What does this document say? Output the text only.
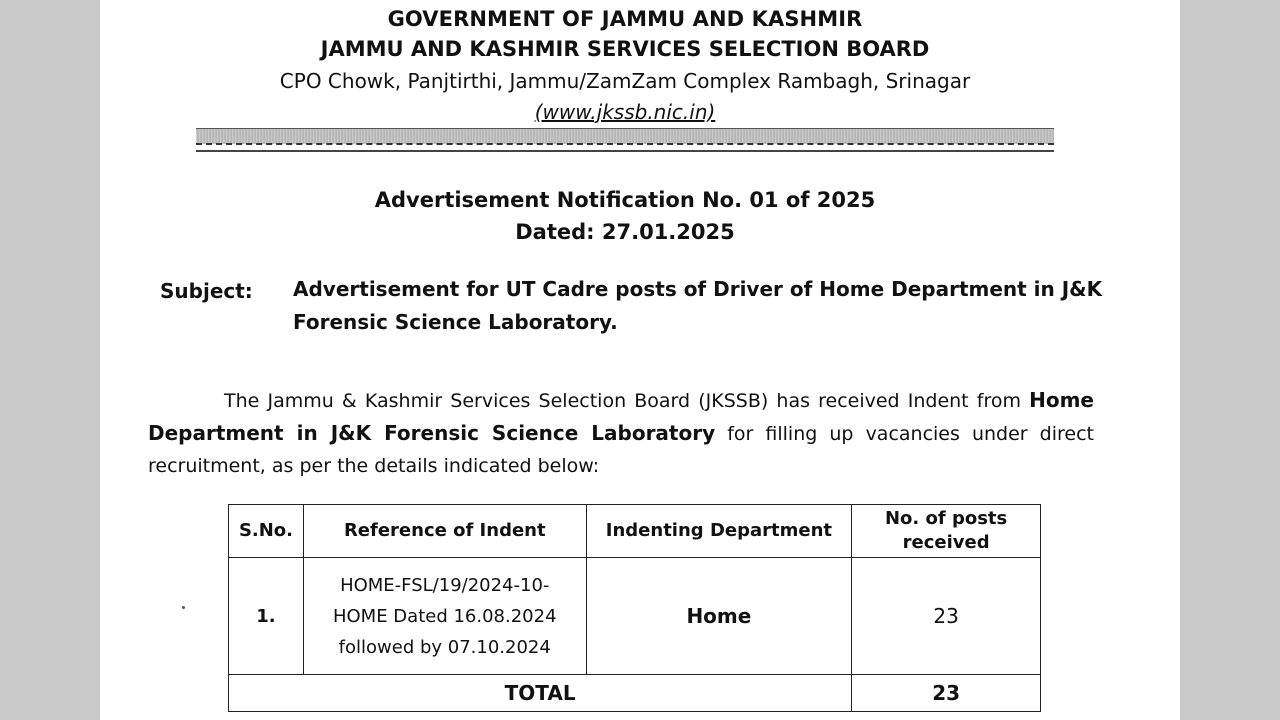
GOVERNMENT OF JAMMU AND KASHMIR
JAMMU AND KASHMIR SERVICES SELECTION BOARD
CPO Chowk, Panjtirthi, Jammu/ZamZam Complex Rambagh, Srinagar
(www.jkssb.nic.in)
Advertisement Notification No. 01 of 2025
Dated: 27.01.2025
Subject: Advertisement for UT Cadre posts of Driver of Home Department in J&K
Forensic Science Laboratory.
The Jammu & Kashmir Services Selection Board (JKSSB) has received Indent from Home Department in J&K Forensic Science Laboratory for filling up vacancies under direct recruitment, as per the details indicated below:
S.No.	Reference of Indent	Indenting Department	No. of posts
received

1.	HOME-FSL/19/2024-10-
HOME Dated 16.08.2024
followed by 07.10.2024	Home	23
TOTAL			23
